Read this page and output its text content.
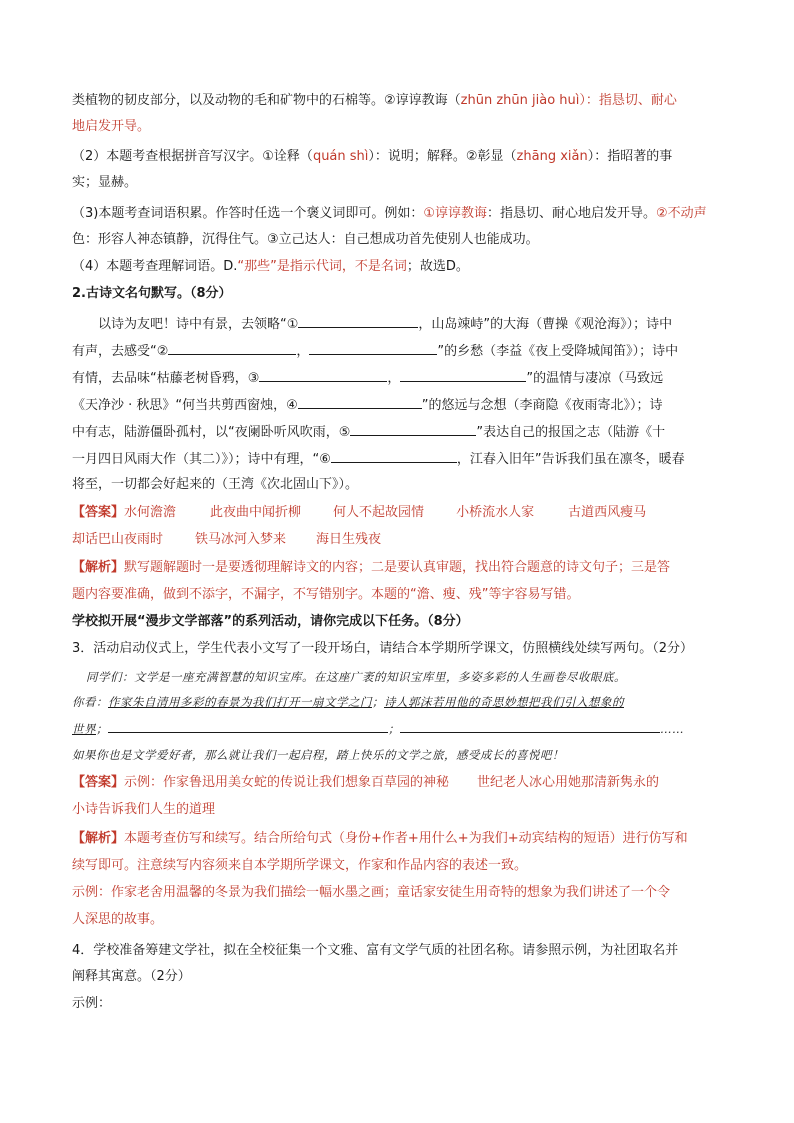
类植物的韧皮部分，以及动物的毛和矿物中的石棉等。②谆谆教诲（zhūn zhūn jiào huì）：指恳切、耐心
地启发开导。
（2）本题考查根据拼音写汉字。①诠释（quán shì）：说明；解释。②彰显（zhāng xiǎn）：指昭著的事
实；显赫。
（3)本题考查词语积累。作答时任选一个褒义词即可。例如：①谆谆教诲：指恳切、耐心地启发开导。②不动声
色：形容人神态镇静，沉得住气。③立己达人：自己想成功首先使别人也能成功。
（4）本题考查理解词语。D.“那些”是指示代词，不是名词；故选D。
2.古诗文名句默写。（8分）
以诗为友吧！诗中有景，去领略“①	，山岛竦峙”的大海（曹操《观沧海》）；诗中
有声，去感受“②	，	”的乡愁（李益《夜上受降城闻笛》）；诗中
有情，去品味“枯藤老树昏鸦，③	，	”的温情与凄凉（马致远
《天净沙 · 秋思》“何当共剪西窗烛，④	”的悠远与念想（李商隐《夜雨寄北》）；诗
中有志，陆游僵卧孤村，以“夜阑卧听风吹雨，⑤	”表达自己的报国之志（陆游《十
一月四日风雨大作（其二）》）；诗中有理，“⑥	，江春入旧年”告诉我们虽在凛冬，暖春
将至，一切都会好起来的（王湾《次北固山下》）。
【答案】水何澹澹	此夜曲中闻折柳 何人不起故园情 小桥流水人家	古道西风瘦马
却话巴山夜雨时 铁马冰河入梦来 海日生残夜
【解析】默写题解题时一是要透彻理解诗文的内容；二是要认真审题，找出符合题意的诗文句子；三是答
题内容要准确，做到不添字，不漏字，不写错别字。本题的“澹、瘦、残”等字容易写错。
学校拟开展“漫步文学部落”的系列活动，请你完成以下任务。（8分）
3．活动启动仪式上，学生代表小文写了一段开场白，请结合本学期所学课文，仿照横线处续写两句。（2分）
同学们：文学是一座充满智慧的知识宝库。在这座广袤的知识宝库里，多姿多彩的人生画卷尽收眼底。
你看：作家朱自清用多彩的春景为我们打开一扇文学之门；诗人郭沫若用他的奇思妙想把我们引入想象的
世界；	；	……
如果你也是文学爱好者，那么就让我们一起启程，踏上快乐的文学之旅，感受成长的喜悦吧！
【答案】示例：作家鲁迅用美女蛇的传说让我们想象百草园的神秘 世纪老人冰心用她那清新隽永的
小诗告诉我们人生的道理
【解析】本题考查仿写和续写。结合所给句式（身份+作者+用什么+为我们+动宾结构的短语）进行仿写和
续写即可。注意续写内容须来自本学期所学课文，作家和作品内容的表述一致。
示例：作家老舍用温馨的冬景为我们描绘一幅水墨之画；童话家安徒生用奇特的想象为我们讲述了一个令
人深思的故事。
4．学校准备筹建文学社，拟在全校征集一个文雅、富有文学气质的社团名称。请参照示例，为社团取名并
阐释其寓意。（2分）
示例：
